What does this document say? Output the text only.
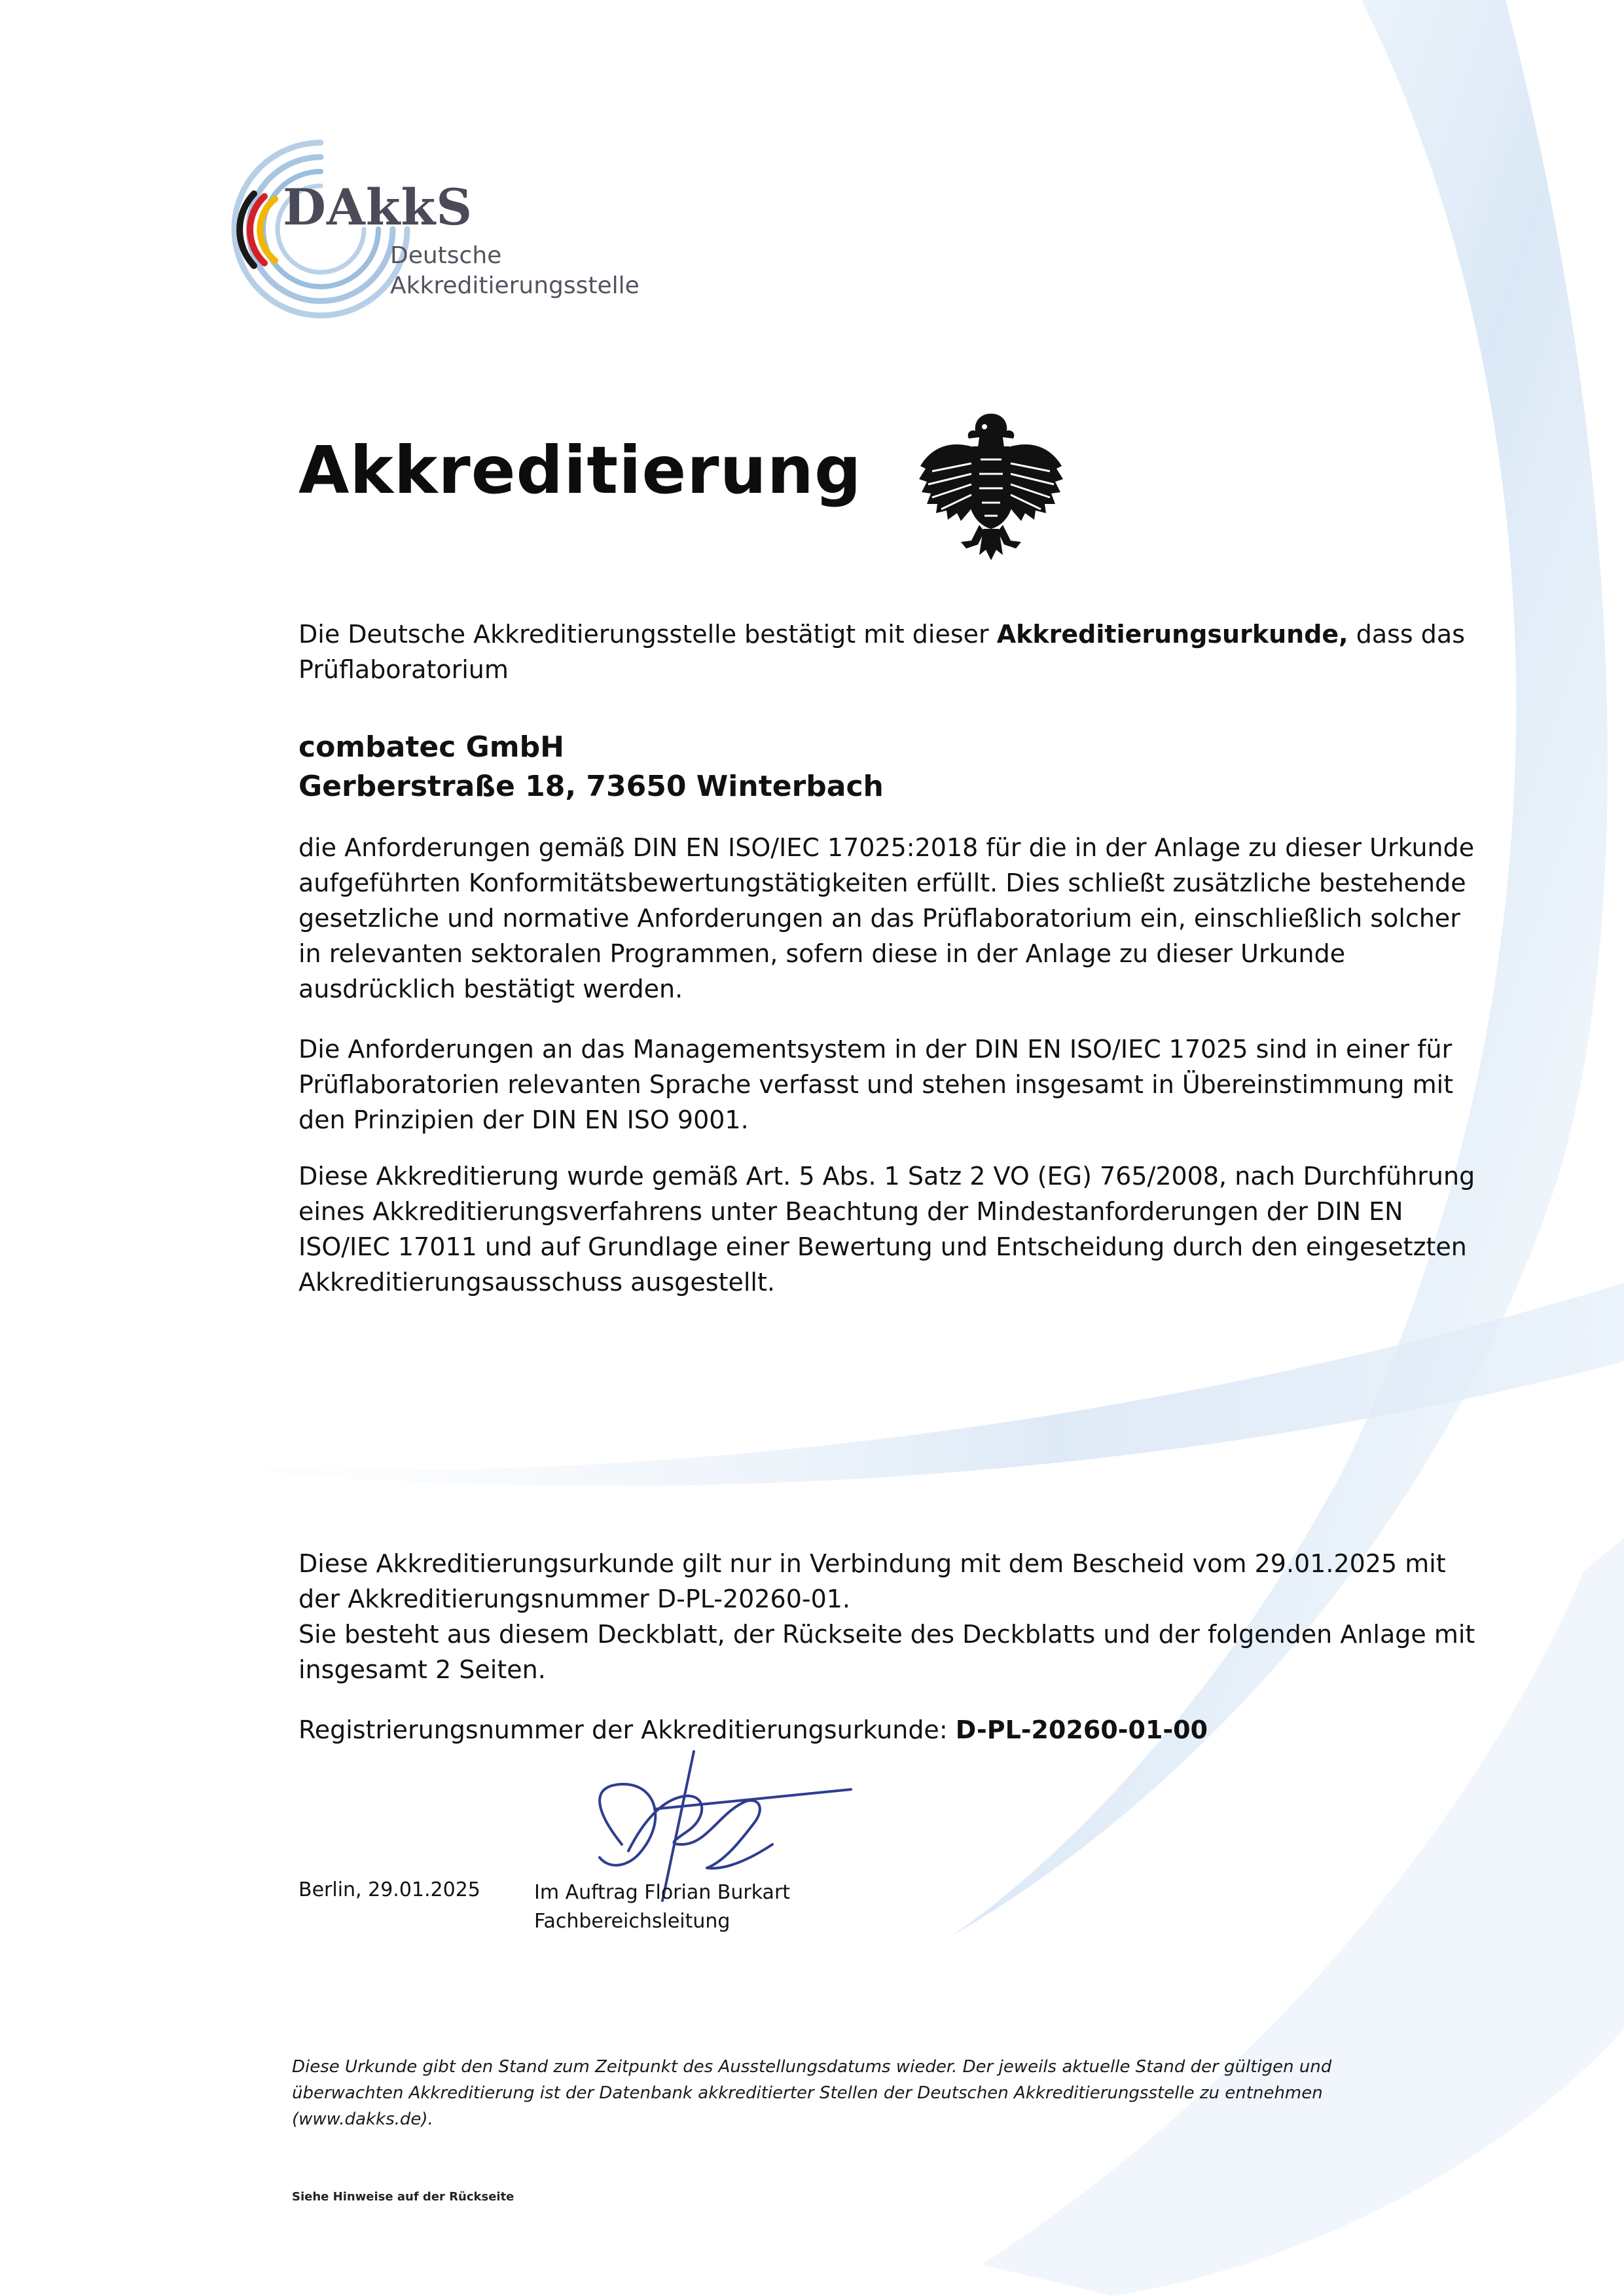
DAkkS
Deutsche
Akkreditierungsstelle
Akkreditierung
Die Deutsche Akkreditierungsstelle bestätigt mit dieser Akkreditierungsurkunde, dass das Prüflaboratorium
combatec GmbH
Gerberstraße 18, 73650 Winterbach
die Anforderungen gemäß DIN EN ISO/IEC 17025:2018 für die in der Anlage zu dieser Urkunde aufgeführten Konformitätsbewertungstätigkeiten erfüllt. Dies schließt zusätzliche bestehende gesetzliche und normative Anforderungen an das Prüflaboratorium ein, einschließlich solcher in relevanten sektoralen Programmen, sofern diese in der Anlage zu dieser Urkunde ausdrücklich bestätigt werden.
Die Anforderungen an das Managementsystem in der DIN EN ISO/IEC 17025 sind in einer für Prüflaboratorien relevanten Sprache verfasst und stehen insgesamt in Übereinstimmung mit den Prinzipien der DIN EN ISO 9001.
Diese Akkreditierung wurde gemäß Art. 5 Abs. 1 Satz 2 VO (EG) 765/2008, nach Durchführung eines Akkreditierungsverfahrens unter Beachtung der Mindestanforderungen der DIN EN ISO/IEC 17011 und auf Grundlage einer Bewertung und Entscheidung durch den eingesetzten Akkreditierungsausschuss ausgestellt.
Diese Akkreditierungsurkunde gilt nur in Verbindung mit dem Bescheid vom 29.01.2025 mit der Akkreditierungsnummer D-PL-20260-01.
Sie besteht aus diesem Deckblatt, der Rückseite des Deckblatts und der folgenden Anlage mit insgesamt 2 Seiten.
Registrierungsnummer der Akkreditierungsurkunde: D-PL-20260-01-00
Berlin, 29.01.2025	Im Auftrag Florian Burkart
Fachbereichsleitung
Diese Urkunde gibt den Stand zum Zeitpunkt des Ausstellungsdatums wieder. Der jeweils aktuelle Stand der gültigen und überwachten Akkreditierung ist der Datenbank akkreditierter Stellen der Deutschen Akkreditierungsstelle zu entnehmen (www.dakks.de).
Siehe Hinweise auf der Rückseite
